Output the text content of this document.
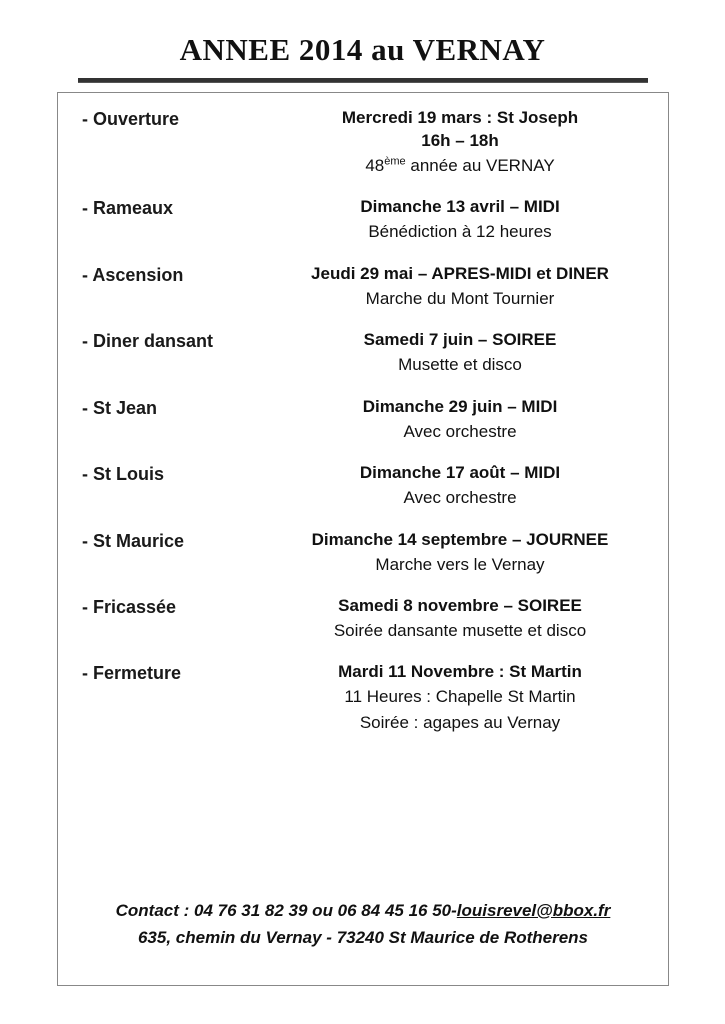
ANNEE 2014 au VERNAY
- Ouverture	Mercredi 19 mars : St Joseph
16h – 18h
48ème année au VERNAY
- Rameaux	Dimanche 13 avril – MIDI
Bénédiction à 12 heures
- Ascension	Jeudi 29 mai – APRES-MIDI et DINER
Marche du Mont Tournier
- Diner dansant	Samedi 7 juin – SOIREE
Musette et disco
- St Jean	Dimanche 29 juin – MIDI
Avec orchestre
- St Louis	Dimanche 17 août – MIDI
Avec orchestre
- St Maurice	Dimanche 14 septembre – JOURNEE
Marche vers le Vernay
- Fricassée	Samedi 8 novembre – SOIREE
Soirée dansante musette et disco
- Fermeture	Mardi 11 Novembre : St Martin
11 Heures : Chapelle St Martin
Soirée : agapes au Vernay
Contact : 04 76 31 82 39 ou 06 84 45 16 50-louisrevel@bbox.fr
635, chemin du Vernay - 73240 St Maurice de Rotherens
